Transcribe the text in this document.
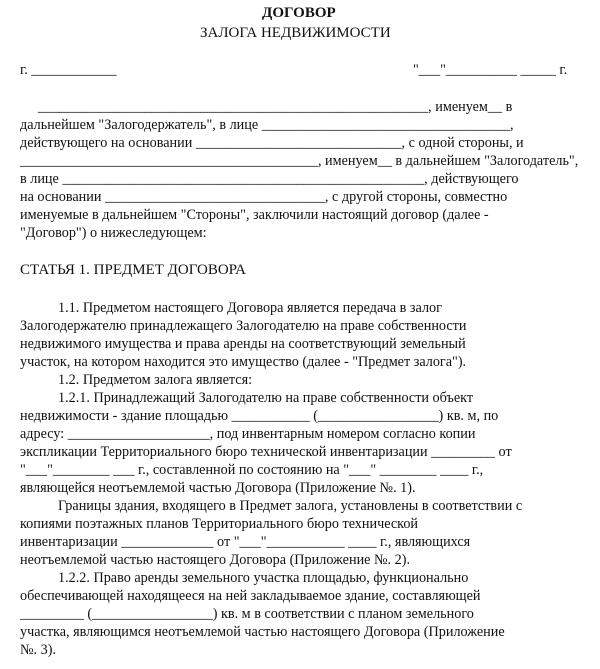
ДОГОВОР
ЗАЛОГА НЕДВИЖИМОСТИ
г. ____________	"___"__________ _____ г.
_______________________________________________________, именуем__ в
дальнейшем "Залогодержатель", в лице ___________________________________,
действующего на основании _____________________________, с одной стороны, и
__________________________________________, именуем__ в дальнейшем "Залогодатель",
в лице ___________________________________________________, действующего
на основании _______________________________, с другой стороны, совместно
именуемые в дальнейшем "Стороны", заключили настоящий договор (далее -
"Договор") о нижеследующем:
СТАТЬЯ 1. ПРЕДМЕТ ДОГОВОРА
1.1. Предметом настоящего Договора является передача в залог
Залогодержателю принадлежащего Залогодателю на праве собственности
недвижимого имущества и права аренды на соответствующий земельный
участок, на котором находится это имущество (далее - "Предмет залога").
1.2. Предметом залога является:
1.2.1. Принадлежащий Залогодателю на праве собственности объект
недвижимости - здание площадью ___________ (_________________) кв. м, по
адресу: ____________________, под инвентарным номером согласно копии
экспликации Территориального бюро технической инвентаризации _________ от
"___"________ ___ г., составленной по состоянию на "___" ________ ____ г.,
являющейся неотъемлемой частью Договора (Приложение №. 1).
Границы здания, входящего в Предмет залога, установлены в соответствии с
копиями поэтажных планов Территориального бюро технической
инвентаризации _____________ от "___"___________ ____ г., являющихся
неотъемлемой частью настоящего Договора (Приложение №. 2).
1.2.2. Право аренды земельного участка площадью, функционально
обеспечивающей находящееся на ней закладываемое здание, составляющей
_________ (_________________) кв. м в соответствии с планом земельного
участка, являющимся неотъемлемой частью настоящего Договора (Приложение
№. 3).
